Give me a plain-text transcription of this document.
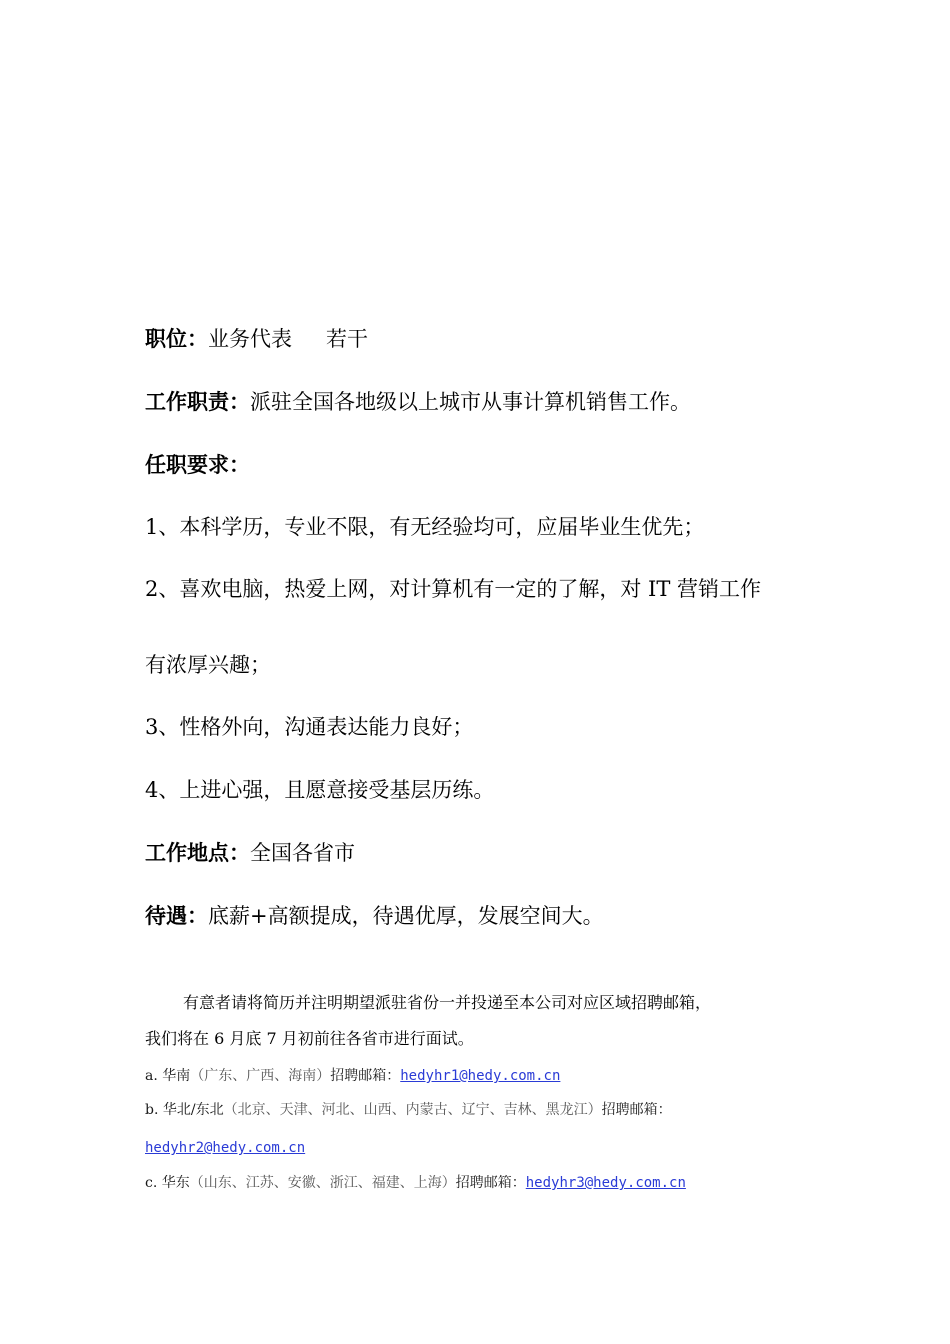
职位：业务代表 若干
工作职责：派驻全国各地级以上城市从事计算机销售工作。
任职要求：
1、本科学历，专业不限，有无经验均可，应届毕业生优先；
2、喜欢电脑，热爱上网，对计算机有一定的了解，对 IT 营销工作
有浓厚兴趣；
3、性格外向，沟通表达能力良好；
4、上进心强，且愿意接受基层历练。
工作地点：全国各省市
待遇：底薪+高额提成，待遇优厚，发展空间大。
有意者请将简历并注明期望派驻省份一并投递至本公司对应区域招聘邮箱，
我们将在 6 月底 7 月初前往各省市进行面试。
a. 华南（广东、广西、海南）招聘邮箱：hedyhr1@hedy.com.cn
b. 华北/东北（北京、天津、河北、山西、内蒙古、辽宁、吉林、黑龙江）招聘邮箱：
hedyhr2@hedy.com.cn
c. 华东（山东、江苏、安徽、浙江、福建、上海）招聘邮箱：hedyhr3@hedy.com.cn
